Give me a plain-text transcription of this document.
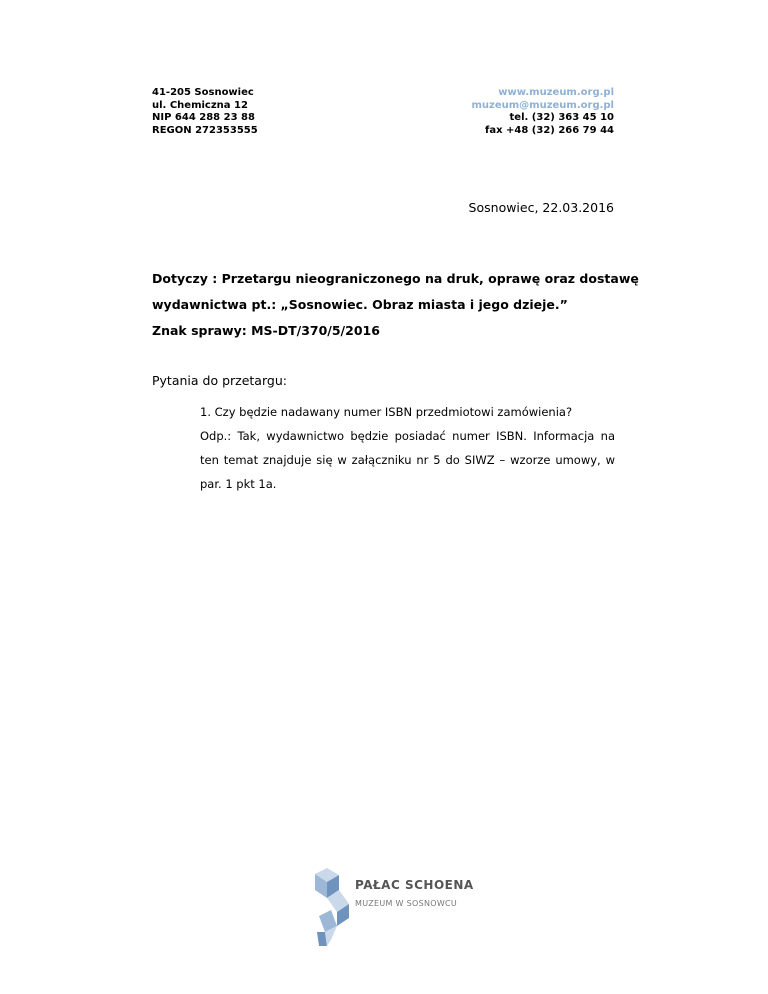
41-205 Sosnowiec
ul. Chemiczna 12
NIP 644 288 23 88
REGON 272353555
www.muzeum.org.pl
muzeum@muzeum.org.pl
tel. (32) 363 45 10
fax +48 (32) 266 79 44
Sosnowiec, 22.03.2016
Dotyczy : Przetargu nieograniczonego na druk, oprawę oraz dostawę
wydawnictwa pt.: „Sosnowiec. Obraz miasta i jego dzieje.”
Znak sprawy: MS-DT/370/5/2016
Pytania do przetargu:

1. Czy będzie nadawany numer ISBN przedmiotowi zamówienia?

Odp.: Tak, wydawnictwo będzie posiadać numer ISBN. Informacja na ten temat znajduje się w załączniku nr 5 do SIWZ – wzorze umowy, w par. 1 pkt 1a.

PAŁAC SCHOENA
MUZEUM W SOSNOWCU
